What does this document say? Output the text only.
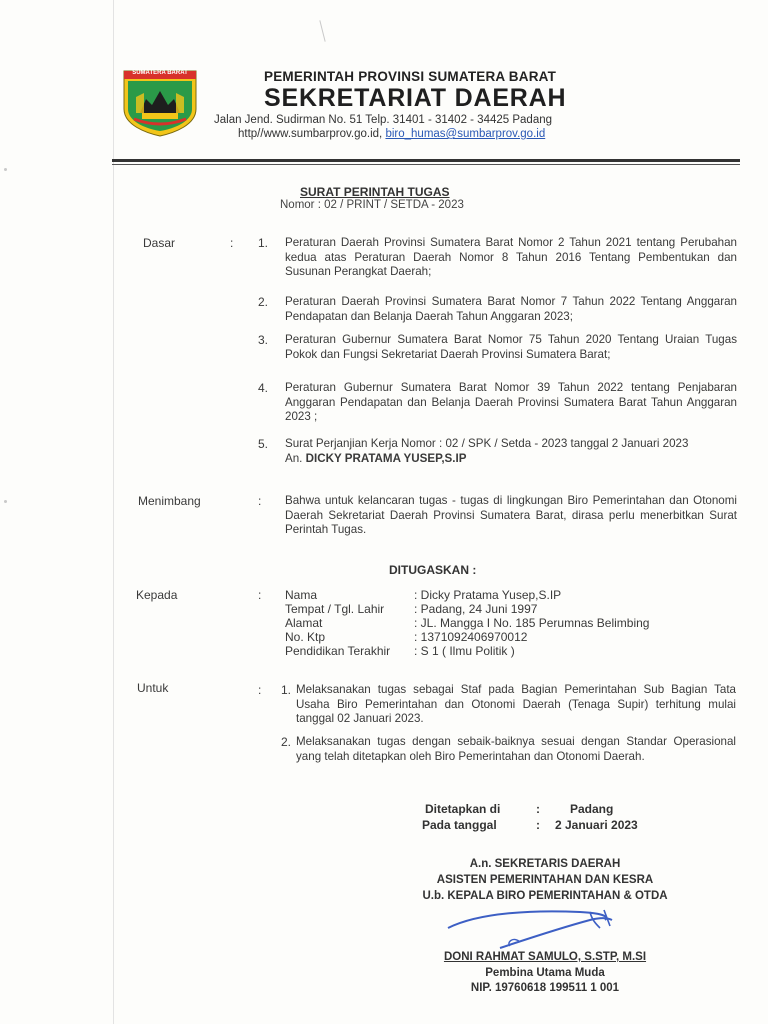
SUMATERA BARAT	PEMERINTAH PROVINSI SUMATERA BARAT
SEKRETARIAT DAERAH
Jalan Jend. Sudirman No. 51 Telp. 31401 - 31402 - 34425 Padang
http//www.sumbarprov.go.id, biro_humas@sumbarprov.go.id
SURAT PERINTAH TUGAS
Nomor : 02 / PRINT / SETDA - 2023
Dasar	: 1. Peraturan Daerah Provinsi Sumatera Barat Nomor 2 Tahun 2021 tentang Perubahan kedua atas Peraturan Daerah Nomor 8 Tahun 2016 Tentang Pembentukan dan Susunan Perangkat Daerah;
2. Peraturan Daerah Provinsi Sumatera Barat Nomor 7 Tahun 2022 Tentang Anggaran Pendapatan dan Belanja Daerah Tahun Anggaran 2023;
3. Peraturan Gubernur Sumatera Barat Nomor 75 Tahun 2020 Tentang Uraian Tugas Pokok dan Fungsi Sekretariat Daerah Provinsi Sumatera Barat;
4. Peraturan Gubernur Sumatera Barat Nomor 39 Tahun 2022 tentang Penjabaran Anggaran Pendapatan dan Belanja Daerah Provinsi Sumatera Barat Tahun Anggaran 2023 ;
5. Surat Perjanjian Kerja Nomor : 02 / SPK / Setda - 2023 tanggal 2 Januari 2023
An. DICKY PRATAMA YUSEP,S.IP
Menimbang	: Bahwa untuk kelancaran tugas - tugas di lingkungan Biro Pemerintahan dan Otonomi Daerah Sekretariat Daerah Provinsi Sumatera Barat, dirasa perlu menerbitkan Surat Perintah Tugas.
DITUGASKAN :
Kepada	: Nama	: Dicky Pratama Yusep,S.IP
Tempat / Tgl. Lahir : Padang, 24 Juni 1997
Alamat	: JL. Mangga I No. 185 Perumnas Belimbing
No. Ktp	: 1371092406970012
Pendidikan Terakhir : S 1 ( Ilmu Politik )
Untuk	: 1. Melaksanakan tugas sebagai Staf pada Bagian Pemerintahan Sub Bagian Tata Usaha Biro Pemerintahan dan Otonomi Daerah (Tenaga Supir) terhitung mulai tanggal 02 Januari 2023.
2. Melaksanakan tugas dengan sebaik-baiknya sesuai dengan Standar Operasional yang telah ditetapkan oleh Biro Pemerintahan dan Otonomi Daerah.
Ditetapkan di	:	Padang
Pada tanggal	: 2 Januari 2023
A.n. SEKRETARIS DAERAH
ASISTEN PEMERINTAHAN DAN KESRA
U.b. KEPALA BIRO PEMERINTAHAN & OTDA
DONI RAHMAT SAMULO, S.STP, M.SI
Pembina Utama Muda
NIP. 19760618 199511 1 001
